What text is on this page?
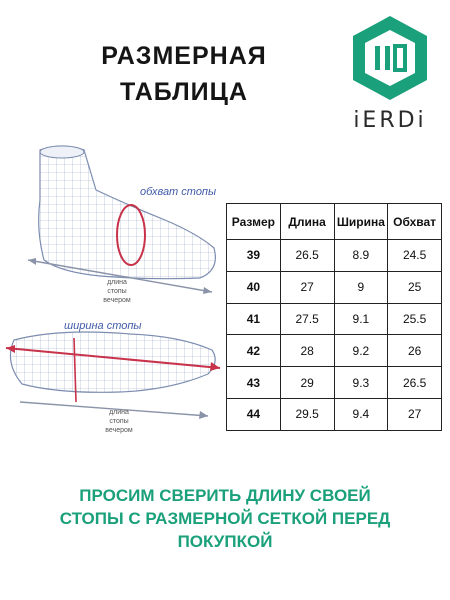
РАЗМЕРНАЯ
ТАБЛИЦА
iERDi
обхват стопы
ширина стопы
длина
стопы
вечером
длина
стопы
вечером
Размер	Длина	Ширина	Обхват
39	26.5	8.9	24.5
40	27	9	25
41	27.5	9.1	25.5
42	28	9.2	26
43	29	9.3	26.5
44	29.5	9.4	27
ПРОСИМ СВЕРИТЬ ДЛИНУ СВОЕЙ
СТОПЫ С РАЗМЕРНОЙ СЕТКОЙ ПЕРЕД
ПОКУПКОЙ
